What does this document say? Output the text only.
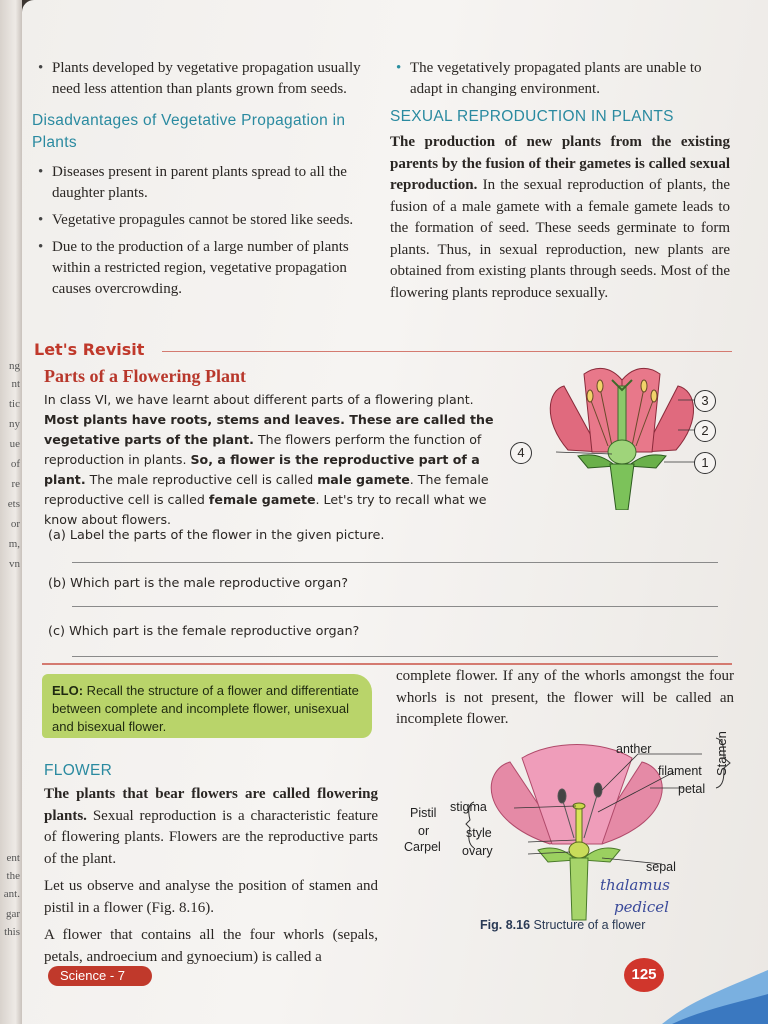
ng
nt
tic
ny
ue
of
re
ets
or
m,
vn
ent
the
ant.
gar
this
• Plants developed by vegetative propagation usually need less attention than plants grown from seeds.
Disadvantages of Vegetative Propagation in Plants
• Diseases present in parent plants spread to all the daughter plants.
• Vegetative propagules cannot be stored like seeds.
• Due to the production of a large number of plants within a restricted region, vegetative propagation causes overcrowding.
• The vegetatively propagated plants are unable to adapt in changing environment.
SEXUAL REPRODUCTION IN PLANTS
The production of new plants from the existing parents by the fusion of their gametes is called sexual reproduction. In the sexual reproduction of plants, the fusion of a male gamete with a female gamete leads to the formation of seed. These seeds germinate to form plants. Thus, in sexual reproduction, new plants are obtained from existing plants through seeds. Most of the flowering plants reproduce sexually.
Let's Revisit
Parts of a Flowering Plant
In class VI, we have learnt about different parts of a flowering plant. Most plants have roots, stems and leaves. These are called the vegetative parts of the plant. The flowers perform the function of reproduction in plants. So, a flower is the reproductive part of a plant. The male reproductive cell is called male gamete. The female reproductive cell is called female gamete. Let's try to recall what we know about flowers.
3
2
1
4
(a) Label the parts of the flower in the given picture.
(b) Which part is the male reproductive organ?
(c) Which part is the female reproductive organ?
ELO: Recall the structure of a flower and differentiate between complete and incomplete flower, unisexual and bisexual flower.
complete flower. If any of the whorls amongst the four whorls is not present, the flower will be called an incomplete flower.
FLOWER
The plants that bear flowers are called flowering plants. Sexual reproduction is a characteristic feature of flowering plants. Flowers are the reproductive parts of the plant.
Let us observe and analyse the position of stamen and pistil in a flower (Fig. 8.16).
A flower that contains all the four whorls (sepals, petals, androecium and gynoecium) is called a
anther
filament
petal
Stamen
stigma
style
ovary
Pistil
or
Carpel
sepal
thalamus
pedicel
Fig. 8.16 Structure of a flower
Science - 7	125
